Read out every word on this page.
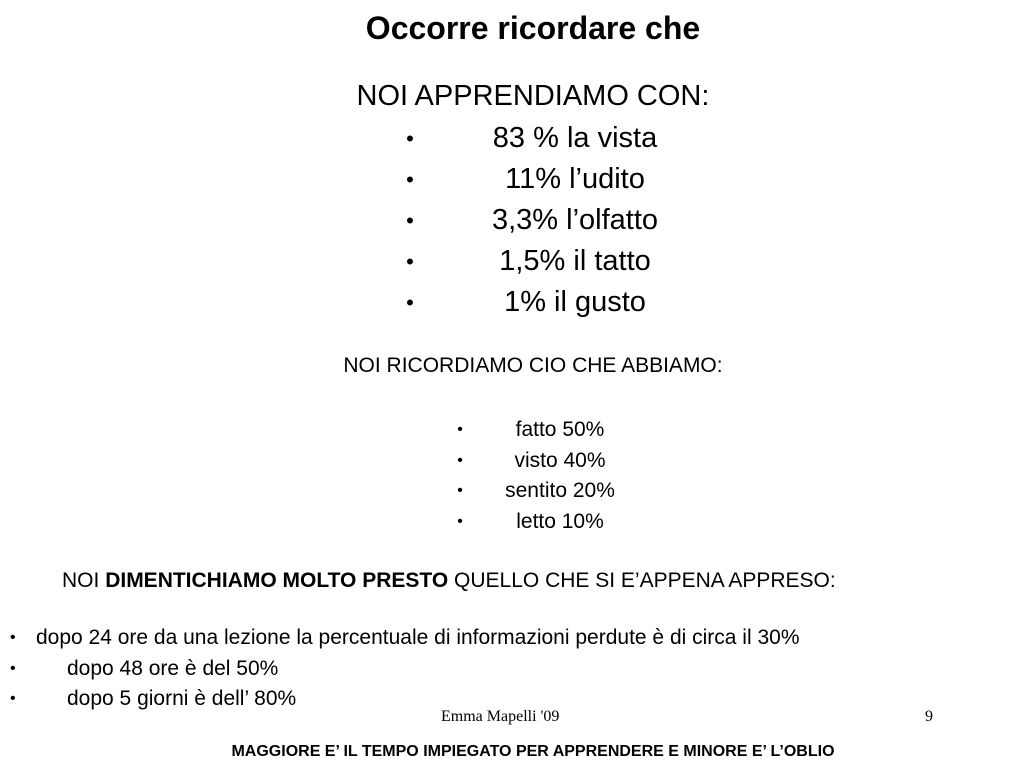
Occorre ricordare che
NOI APPRENDIAMO CON:
•	83 % la vista
•	11% l’udito
•	3,3% l’olfatto
•	1,5% il tatto
•	1% il gusto
NOI RICORDIAMO CIO CHE ABBIAMO:
•	fatto 50%
•	visto 40%
•	sentito 20%
•	letto 10%
NOI DIMENTICHIAMO MOLTO PRESTO QUELLO CHE SI E’APPENA APPRESO:
• dopo 24 ore da una lezione la percentuale di informazioni perdute è di circa il 30%
•	dopo 48 ore è del 50%
•	dopo 5 giorni è dell’ 80%
Emma Mapelli '09	9
MAGGIORE E’ IL TEMPO IMPIEGATO PER APPRENDERE E MINORE E’ L’OBLIO
